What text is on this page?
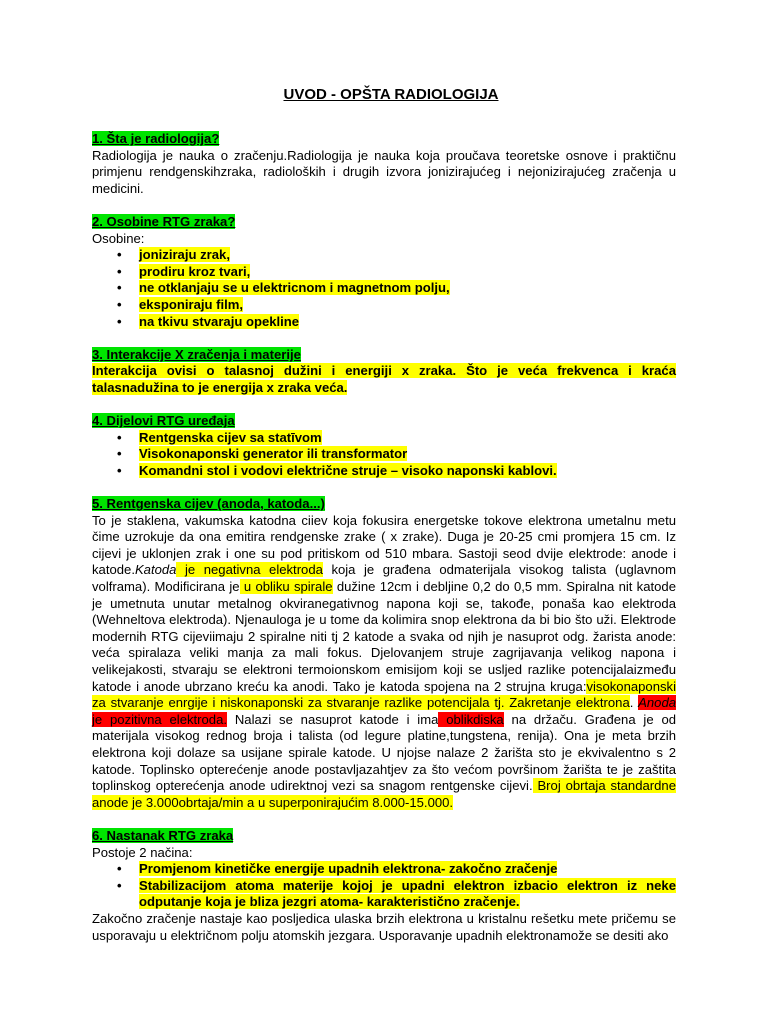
UVOD - OPŠTA RADIOLOGIJA
1. Šta je radiologija?

Radiologija je nauka o zračenju.Radiologija je nauka koja proučava teoretske osnove i praktičnu primjenu rendgenskihzraka, radioloških i drugih izvora jonizirajućeg i nejonizirajućeg zračenja u medicini.

2. Osobine RTG zraka?

Osobine:

• joniziraju zrak,
• prodiru kroz tvari,
• ne otklanjaju se u elektricnom i magnetnom polju,
• eksponiraju film,
• na tkivu stvaraju opekline
3. Interakcije X zračenja i materije

Interakcija ovisi o talasnoj dužini i energiji x zraka. Što je veća frekvenca i kraća talasnadužina to je energija x zraka veća.

4. Dijelovi RTG uređaja
• Rentgenska cijev sa statīvom
• Visokonaponski generator ili transformator
• Komandni stol i vodovi električne struje – visoko naponski kablovi.
5. Rentgenska cijev (anoda, katoda...)

To je staklena, vakumska katodna ciiev koja fokusira energetske tokove elektrona umetalnu metu čime uzrokuje da ona emitira rendgenske zrake ( x zrake). Duga je 20-25 cmi promjera 15 cm. Iz cijevi je uklonjen zrak i one su pod pritiskom od 510 mbara. Sastoji seod dvije elektrode: anode i katode.Katoda je negativna elektroda koja je građena odmaterijala visokog talista (uglavnom volframa). Modificirana je u obliku spirale dužine 12cm i debljine 0,2 do 0,5 mm. Spiralna nit katode je umetnuta unutar metalnog okviranegativnog napona koji se, takođe, ponaša kao elektroda (Wehneltova elektroda). Njenauloga je u tome da kolimira snop elektrona da bi bio što uži. Elektrode modernih RTG cijeviimaju 2 spiralne niti tj 2 katode a svaka od njih je nasuprot odg. žarista anode: veća spiralaza veliki manja za mali fokus. Djelovanjem struje zagrijavanja velikog napona i velikejakosti, stvaraju se elektroni termoionskom emisijom koji se usljed razlike potencijalaizmeđu katode i anode ubrzano kreću ka anodi. Tako je katoda spojena na 2 strujna kruga:visokonaponski za stvaranje enrgije i niskonaponski za stvaranje razlike potencijala tj. Zakretanje elektrona. Anoda je pozitivna elektroda. Nalazi se nasuprot katode i ima oblikdiska na držaču. Građena je od materijala visokog rednog broja i talista (od legure platine,tungstena, renija). Ona je meta brzih elektrona koji dolaze sa usijane spirale katode. U njojse nalaze 2 žarišta sto je ekvivalentno s 2 katode. Toplinsko opterećenje anode postavljazahtjev za što većom površinom žarišta te je zaštita toplinskog opterećenja anode udirektnoj vezi sa snagom rentgenske cijevi. Broj obrtaja standardne anode je 3.000obrtaja/min a u superponirajućim 8.000-15.000.

6. Nastanak RTG zraka

Postoje 2 načina:

• Promjenom kinetičke energije upadnih elektrona- zakočno zračenje
• Stabilizacijom atoma materije kojoj je upadni elektron izbacio elektron iz neke odputanje koja je bliza jezgri atoma- karakteristično zračenje.

Zakočno zračenje nastaje kao posljedica ulaska brzih elektrona u kristalnu rešetku mete pričemu se usporavaju u električnom polju atomskih jezgara. Usporavanje upadnih elektronamože se desiti ako
